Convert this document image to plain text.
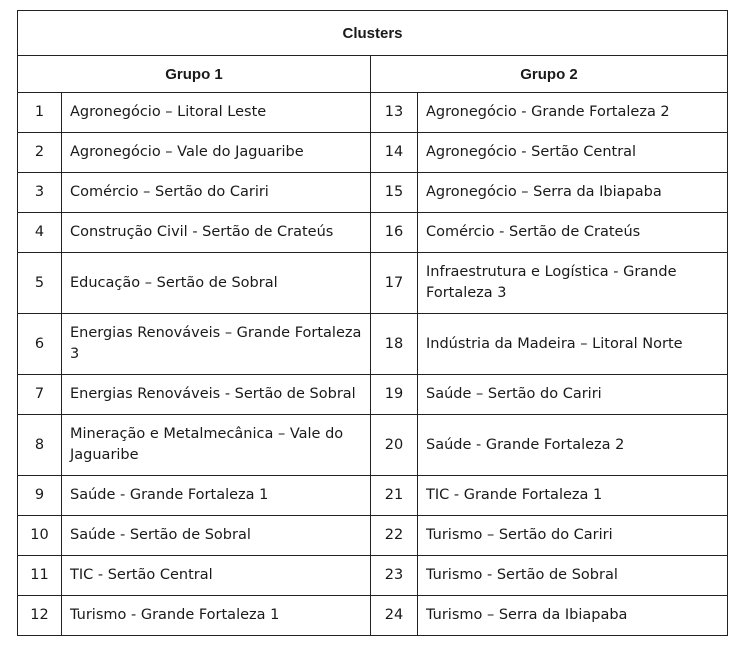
Clusters			
Grupo 1		Grupo 2	
1	Agronegócio – Litoral Leste	13	Agronegócio - Grande Fortaleza 2
2	Agronegócio – Vale do Jaguaribe	14	Agronegócio - Sertão Central
3	Comércio – Sertão do Cariri	15	Agronegócio – Serra da Ibiapaba
4	Construção Civil - Sertão de Crateús	16	Comércio - Sertão de Crateús
5	Educação – Sertão de Sobral	17	Infraestrutura e Logística - Grande Fortaleza 3
6	Energias Renováveis – Grande Fortaleza 3	18	Indústria da Madeira – Litoral Norte
7	Energias Renováveis - Sertão de Sobral	19	Saúde – Sertão do Cariri
8	Mineração e Metalmecânica – Vale do Jaguaribe	20	Saúde - Grande Fortaleza 2
9	Saúde - Grande Fortaleza 1	21	TIC - Grande Fortaleza 1
10	Saúde - Sertão de Sobral	22	Turismo – Sertão do Cariri
11	TIC - Sertão Central	23	Turismo - Sertão de Sobral
12	Turismo - Grande Fortaleza 1	24	Turismo – Serra da Ibiapaba
